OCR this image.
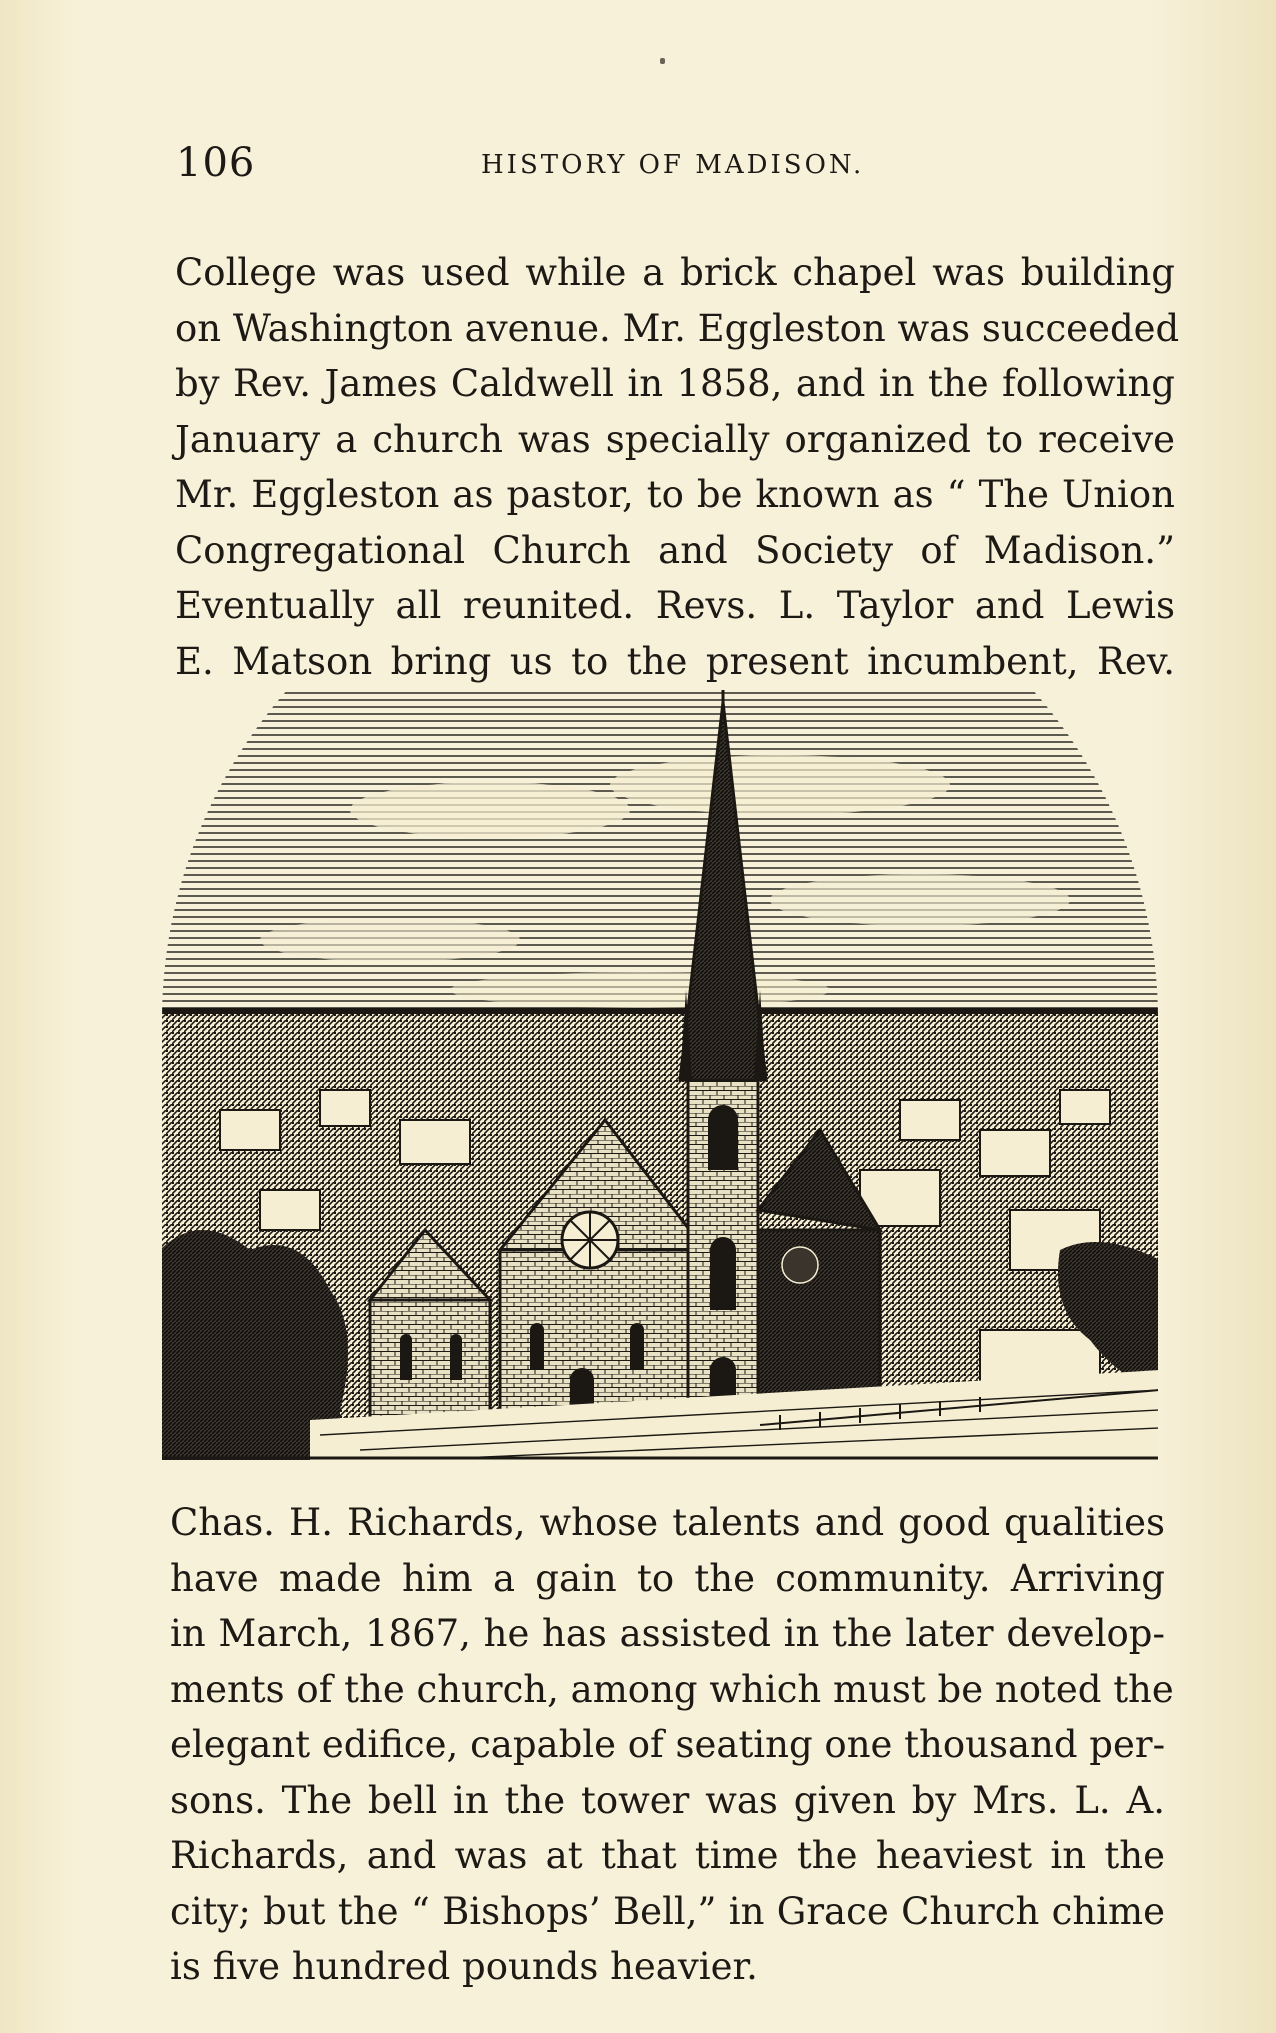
106	HISTORY OF MADISON.

College was used while a brick chapel was building
on Washington avenue. Mr. Eggleston was succeeded
by Rev. James Caldwell in 1858, and in the following
January a church was specially organized to receive
Mr. Eggleston as pastor, to be known as “ The Union
Congregational Church and Society of Madison.”
Eventually all reunited. Revs. L. Taylor and Lewis
E. Matson bring us to the present incumbent, Rev.

Chas. H. Richards, whose talents and good qualities
have made him a gain to the community. Arriving
in March, 1867, he has assisted in the later develop-
ments of the church, among which must be noted the
elegant edifice, capable of seating one thousand per-
sons. The bell in the tower was given by Mrs. L. A.
Richards, and was at that time the heaviest in the
city; but the “ Bishops’ Bell,” in Grace Church chime
is five hundred pounds heavier.
